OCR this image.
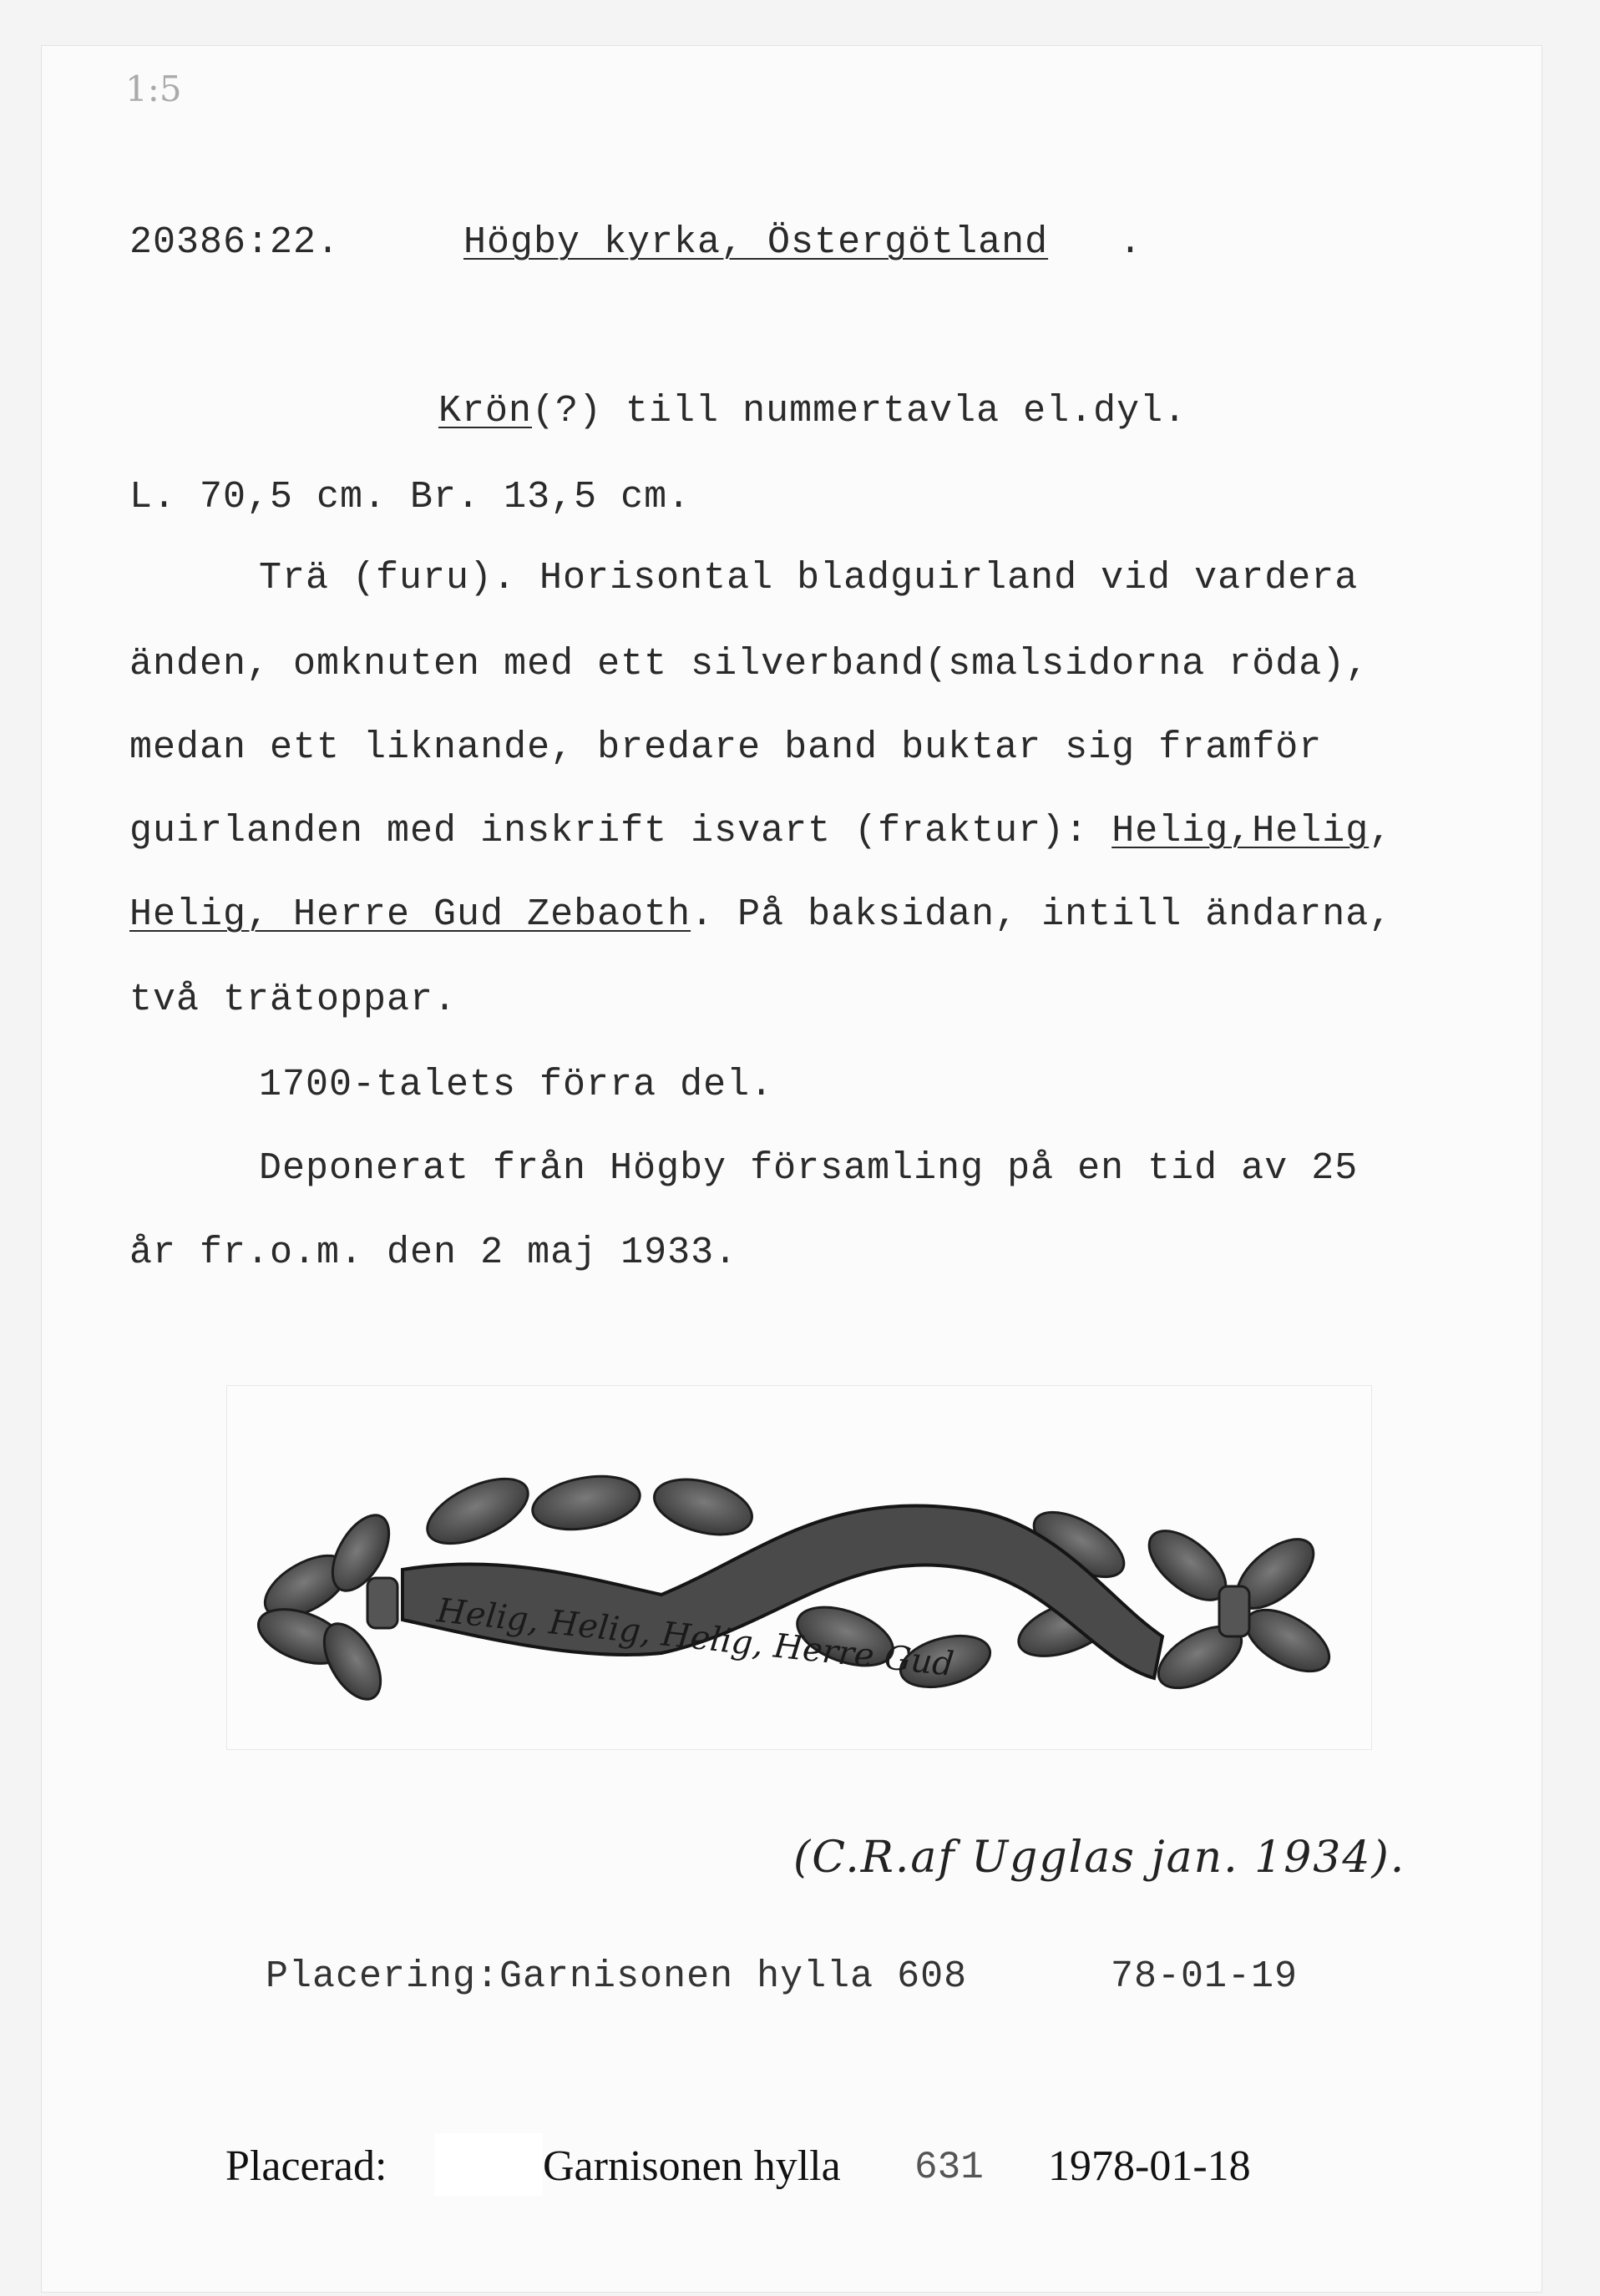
1:5
20386:22.	Högby kyrka, Östergötland .
Krön(?) till nummertavla el.dyl.
L. 70,5 cm. Br. 13,5 cm.
Trä (furu). Horisontal bladguirland vid vardera
änden, omknuten med ett silverband(smalsidorna röda),
medan ett liknande, bredare band buktar sig framför
guirlanden med inskrift isvart (fraktur): Helig,Helig,
Helig, Herre Gud Zebaoth. På baksidan, intill ändarna,
två trätoppar.
1700-talets förra del.
Deponerat från Högby församling på en tid av 25
år fr.o.m. den 2 maj 1933.
Helig, Helig, Helig, Herre Gud
(C.R.af Ugglas jan. 1934).
Placering:Garnisonen hylla 608	78-01-19
Placerad:	Garnisonen hylla 631 1978-01-18
